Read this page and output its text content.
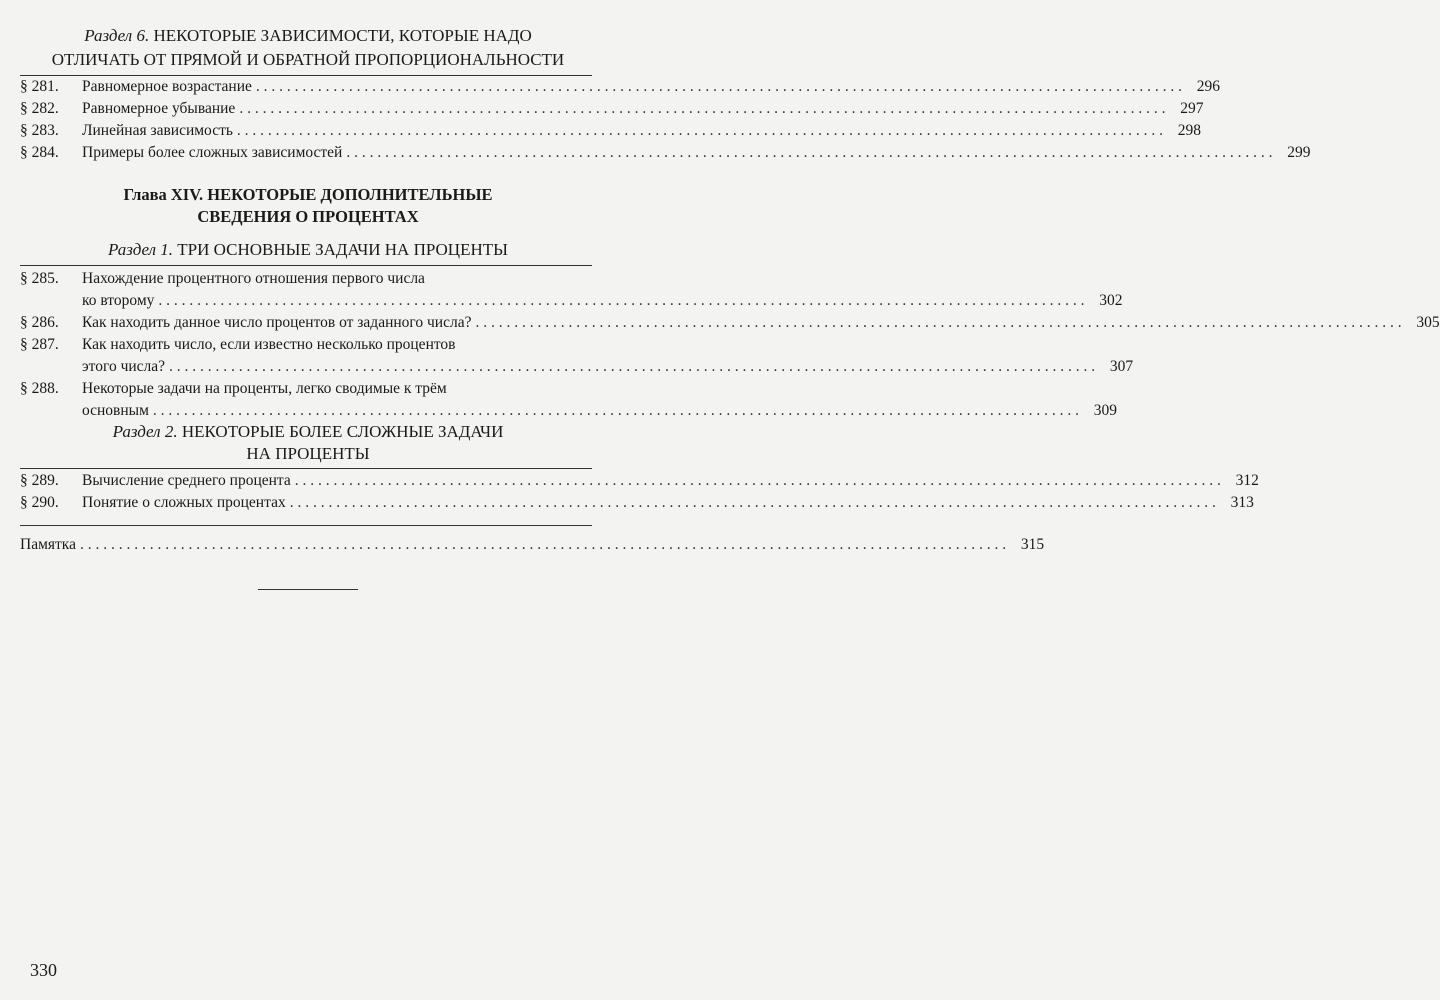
Раздел 6. НЕКОТОРЫЕ ЗАВИСИМОСТИ, КОТОРЫЕ НАДО
ОТЛИЧАТЬ ОТ ПРЯМОЙ И ОБРАТНОЙ ПРОПОРЦИОНАЛЬНОСТИ
§ 281.	Равномерное возрастание . . .	296
§ 282.	Равномерное убывание . . .	297
§ 283.	Линейная зависимость . . .	298
§ 284.	Примеры более сложных зависимостей . . .	299
Глава XIV. НЕКОТОРЫЕ ДОПОЛНИТЕЛЬНЫЕ
СВЕДЕНИЯ О ПРОЦЕНТАХ
Раздел 1. ТРИ ОСНОВНЫЕ ЗАДАЧИ НА ПРОЦЕНТЫ
§ 285.	Нахождение процентного отношения первого числа
ко второму . . .	302
§ 286.	Как находить данное число процентов от заданного числа? . . .	305
§ 287.	Как находить число, если известно несколько процентов
этого числа? . . .	307
§ 288.	Некоторые задачи на проценты, легко сводимые к трём
основным . . .	309
Раздел 2. НЕКОТОРЫЕ БОЛЕЕ СЛОЖНЫЕ ЗАДАЧИ
НА ПРОЦЕНТЫ
§ 289.	Вычисление среднего процента . . .	312
§ 290.	Понятие о сложных процентах . . .	313
Памятка . . .	315
330
